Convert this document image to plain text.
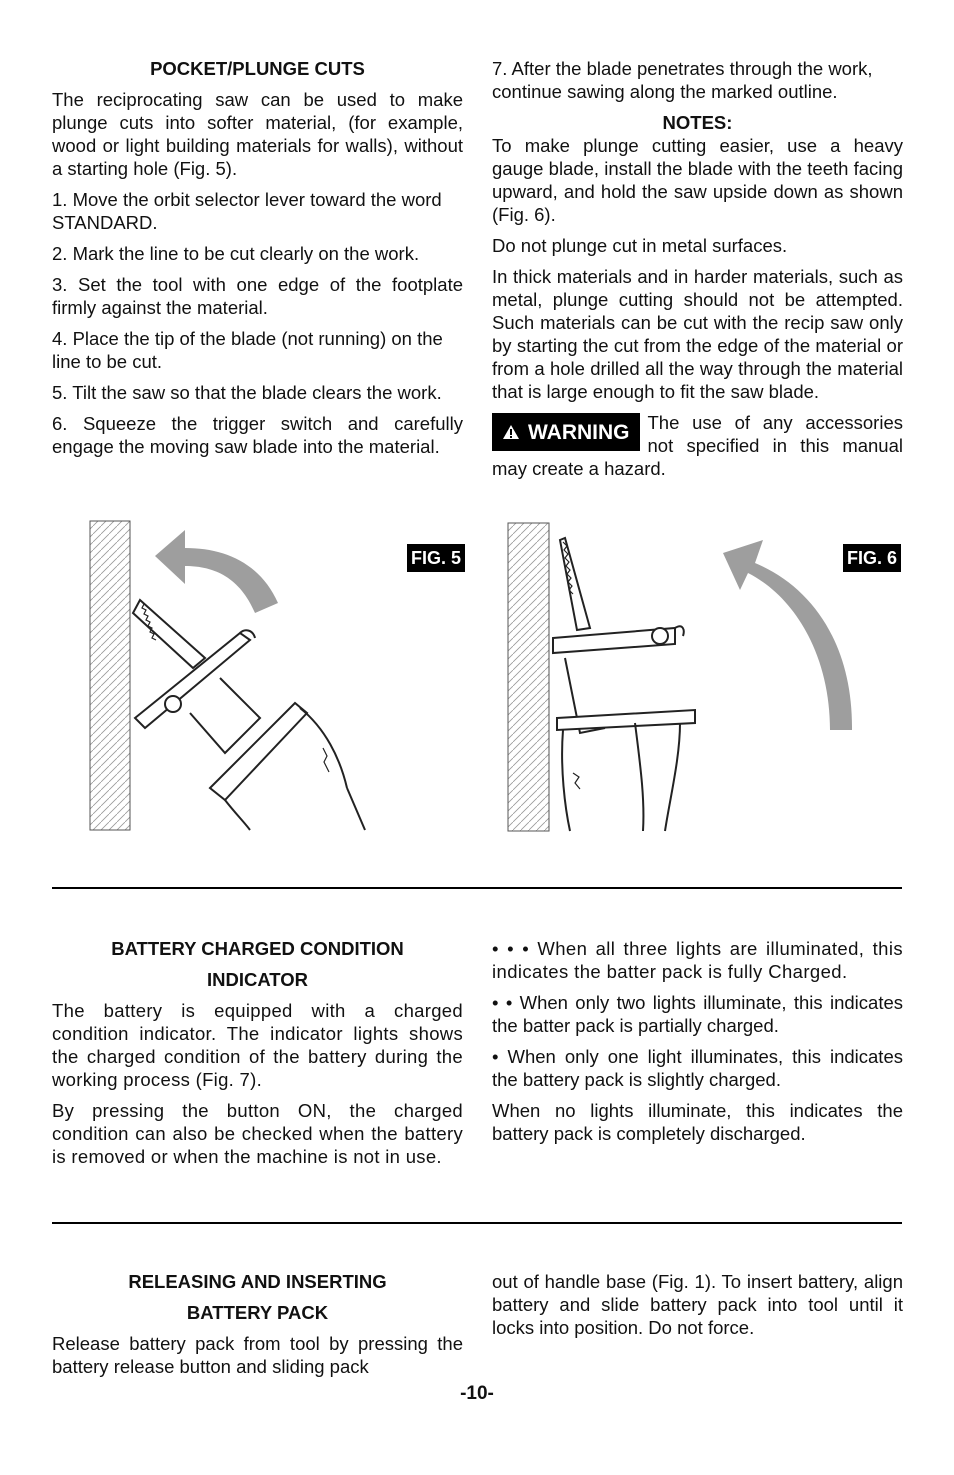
POCKET/PLUNGE CUTS

The reciprocating saw can be used to make plunge cuts into softer material, (for example, wood or light building materials for walls), without a starting hole (Fig. 5).

1. Move the orbit selector lever toward the word STANDARD.

2. Mark the line to be cut clearly on the work.

3. Set the tool with one edge of the footplate firmly against the material.

4. Place the tip of the blade (not running) on the line to be cut.

5. Tilt the saw so that the blade clears the work.

6. Squeeze the trigger switch and carefully engage the moving saw blade into the material.

7. After the blade penetrates through the work, continue sawing along the marked outline.

NOTES:

To make plunge cutting easier, use a heavy gauge blade, install the blade with the teeth facing upward, and hold the saw upside down as shown (Fig. 6).

Do not plunge cut in metal surfaces.

In thick materials and in harder materials, such as metal, plunge cutting should not be attempted. Such materials can be cut with the recip saw only by starting the cut from the edge of the material or from a hole drilled all the way through the material that is large enough to fit the saw blade.

WARNING The use of any accessories not specified in this manual may create a hazard.
FIG. 5	FIG. 6

BATTERY CHARGED CONDITION

INDICATOR

The battery is equipped with a charged condition indicator. The indicator lights shows the charged condition of the battery during the working process (Fig. 7).

By pressing the button ON, the charged condition can also be checked when the battery is removed or when the machine is not in use.

• • • When all three lights are illuminated, this indicates the batter pack is fully Charged.

• • When only two lights illuminate, this indicates the batter pack is partially charged.

• When only one light illuminates, this indicates the battery pack is slightly charged.

When no lights illuminate, this indicates the battery pack is completely discharged.

RELEASING AND INSERTING

BATTERY PACK

Release battery pack from tool by pressing the battery release button and sliding pack

out of handle base (Fig. 1). To insert battery, align battery and slide battery pack into tool until it locks into position. Do not force.

-10-
